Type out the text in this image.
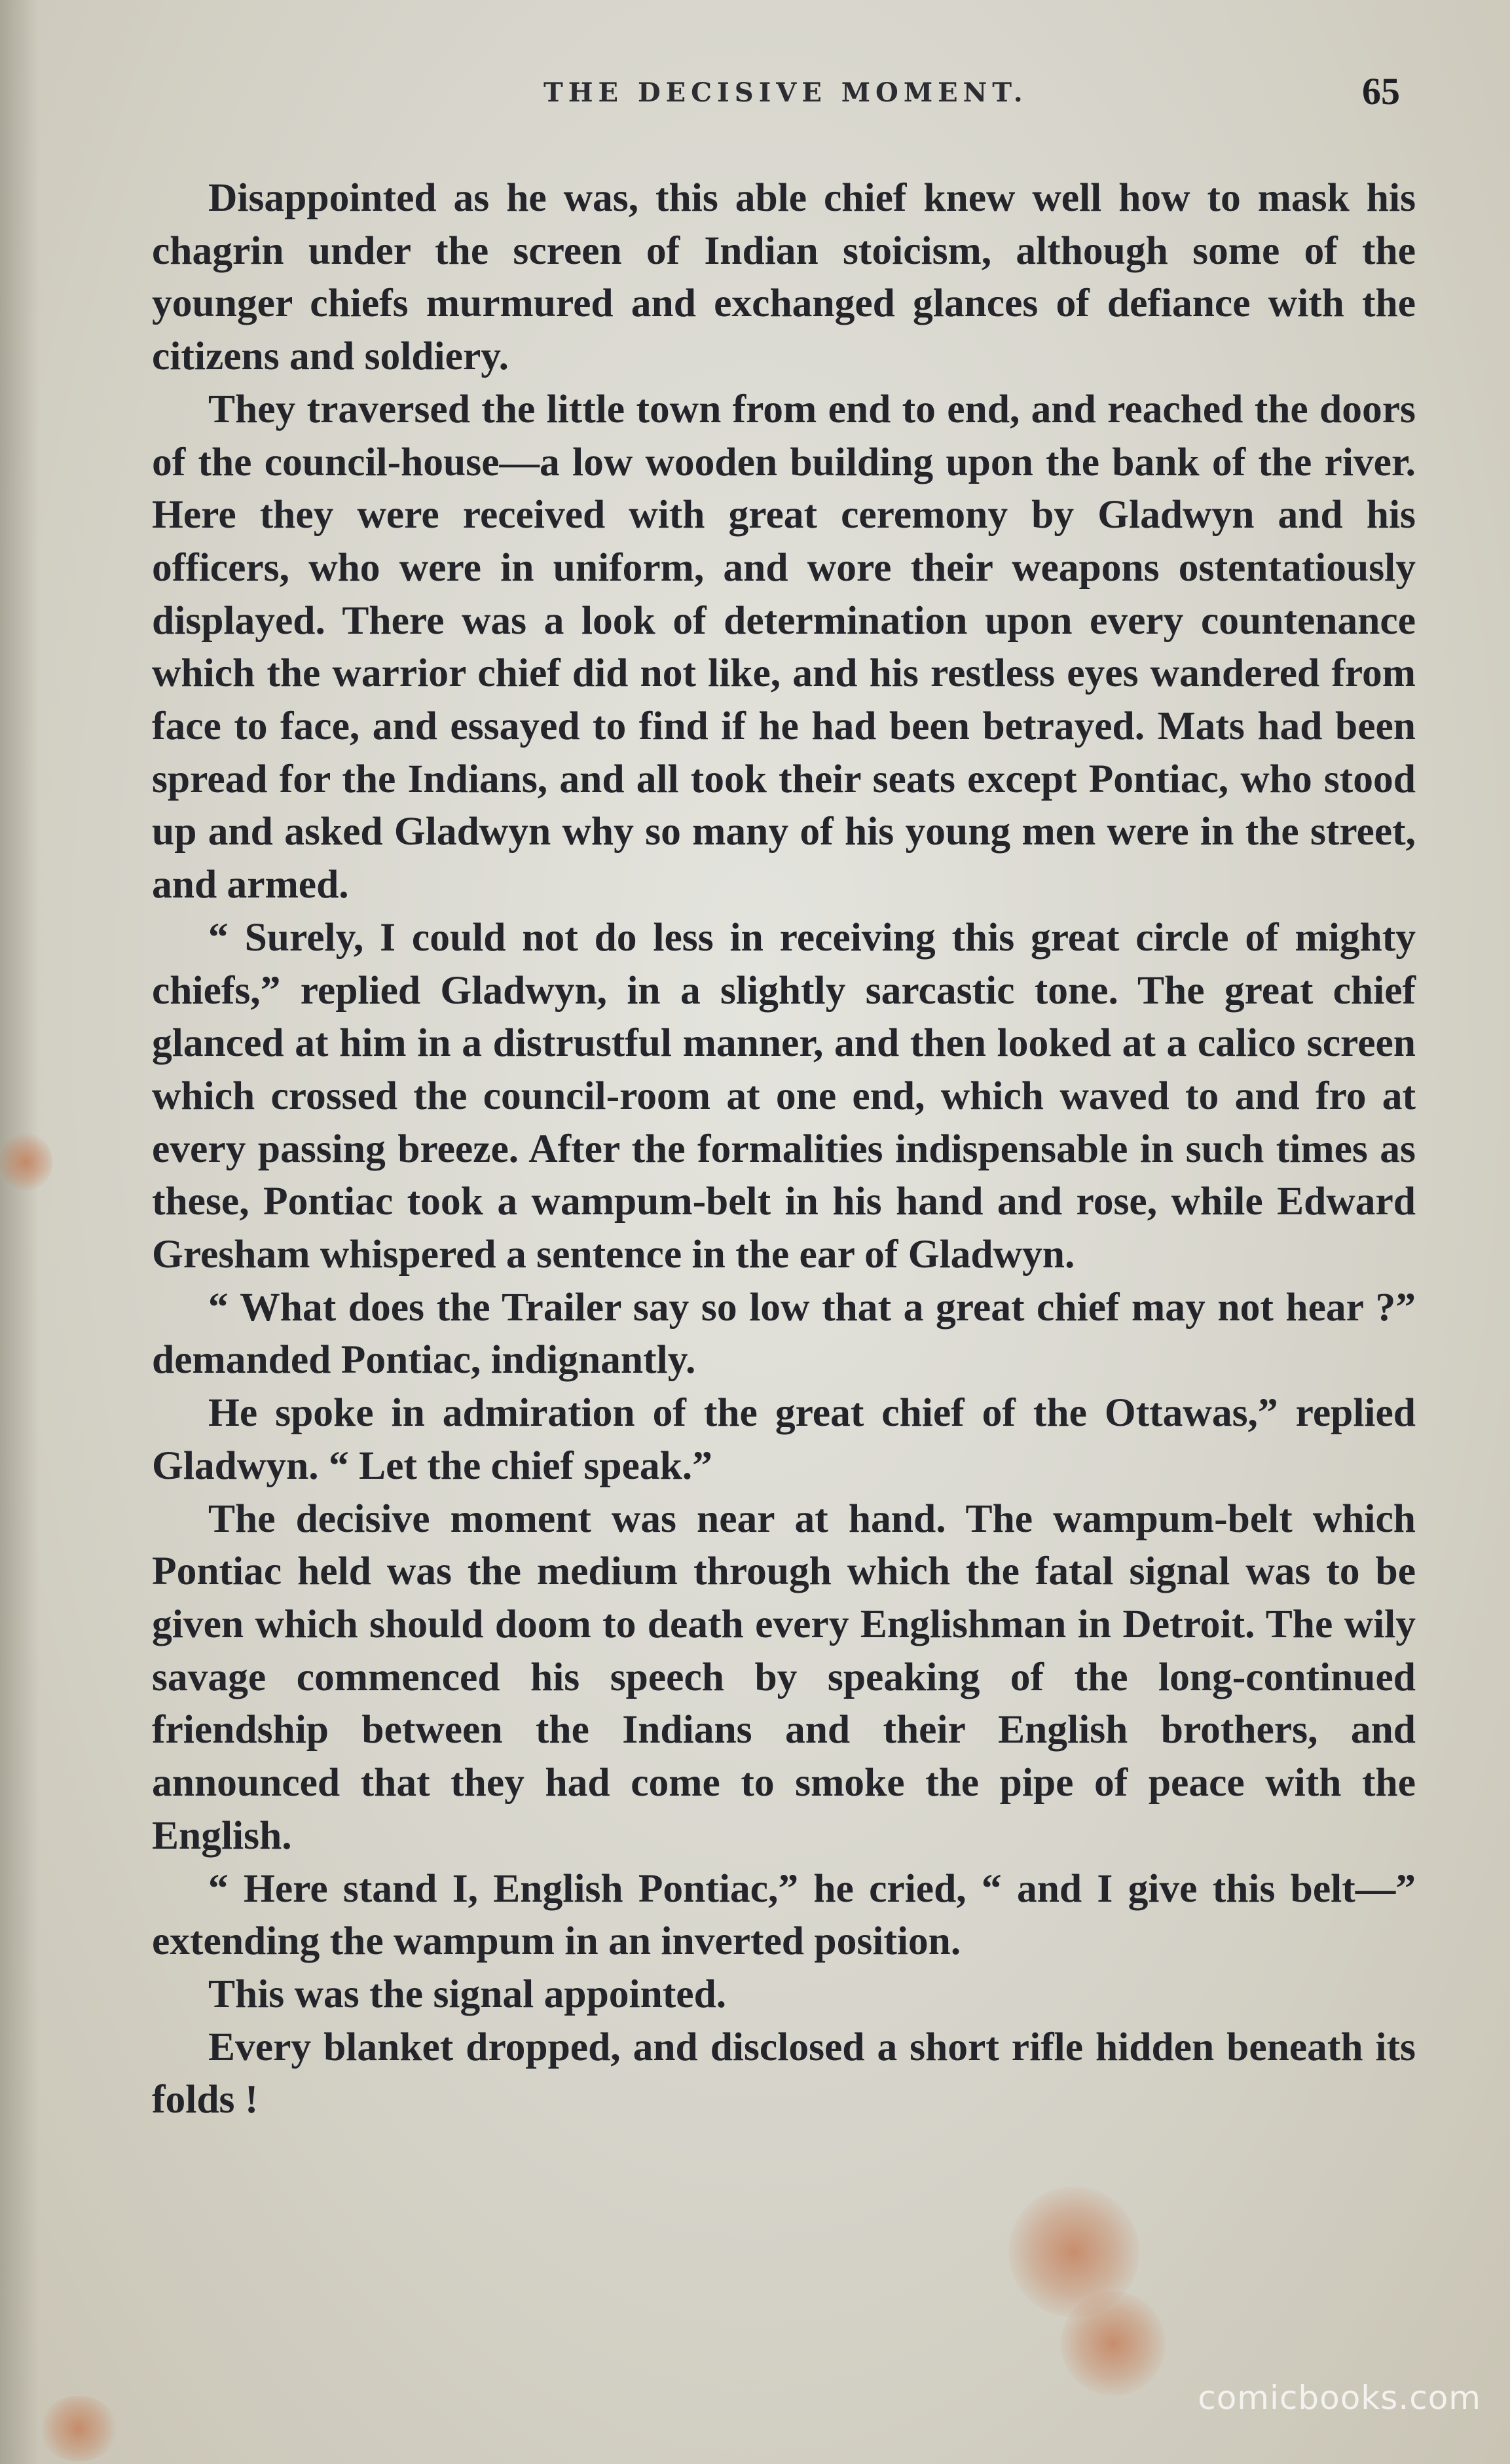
THE DECISIVE MOMENT.	65

Disappointed as he was, this able chief knew well how to mask his chagrin under the screen of Indian stoicism, although some of the younger chiefs murmured and exchanged glances of defiance with the citizens and soldiery.

They traversed the little town from end to end, and reached the doors of the council-house—a low wooden building upon the bank of the river. Here they were received with great ceremony by Gladwyn and his officers, who were in uniform, and wore their weapons ostentatiously displayed. There was a look of determination upon every countenance which the warrior chief did not like, and his restless eyes wandered from face to face, and essayed to find if he had been betrayed. Mats had been spread for the Indians, and all took their seats except Pontiac, who stood up and asked Gladwyn why so many of his young men were in the street, and armed.

“ Surely, I could not do less in receiving this great circle of mighty chiefs,” replied Gladwyn, in a slightly sarcastic tone. The great chief glanced at him in a distrustful manner, and then looked at a calico screen which crossed the council-room at one end, which waved to and fro at every passing breeze. After the formalities indispensable in such times as these, Pontiac took a wampum-belt in his hand and rose, while Edward Gresham whispered a sentence in the ear of Gladwyn.

“ What does the Trailer say so low that a great chief may not hear ?” demanded Pontiac, indignantly.

He spoke in admiration of the great chief of the Ottawas,” replied Gladwyn. “ Let the chief speak.”

The decisive moment was near at hand. The wampum-belt which Pontiac held was the medium through which the fatal signal was to be given which should doom to death every Englishman in Detroit. The wily savage commenced his speech by speaking of the long-continued friendship between the Indians and their English brothers, and announced that they had come to smoke the pipe of peace with the English.

“ Here stand I, English Pontiac,” he cried, “ and I give this belt—” extending the wampum in an inverted position.

This was the signal appointed.

Every blanket dropped, and disclosed a short rifle hidden beneath its folds !

comicbooks.com
